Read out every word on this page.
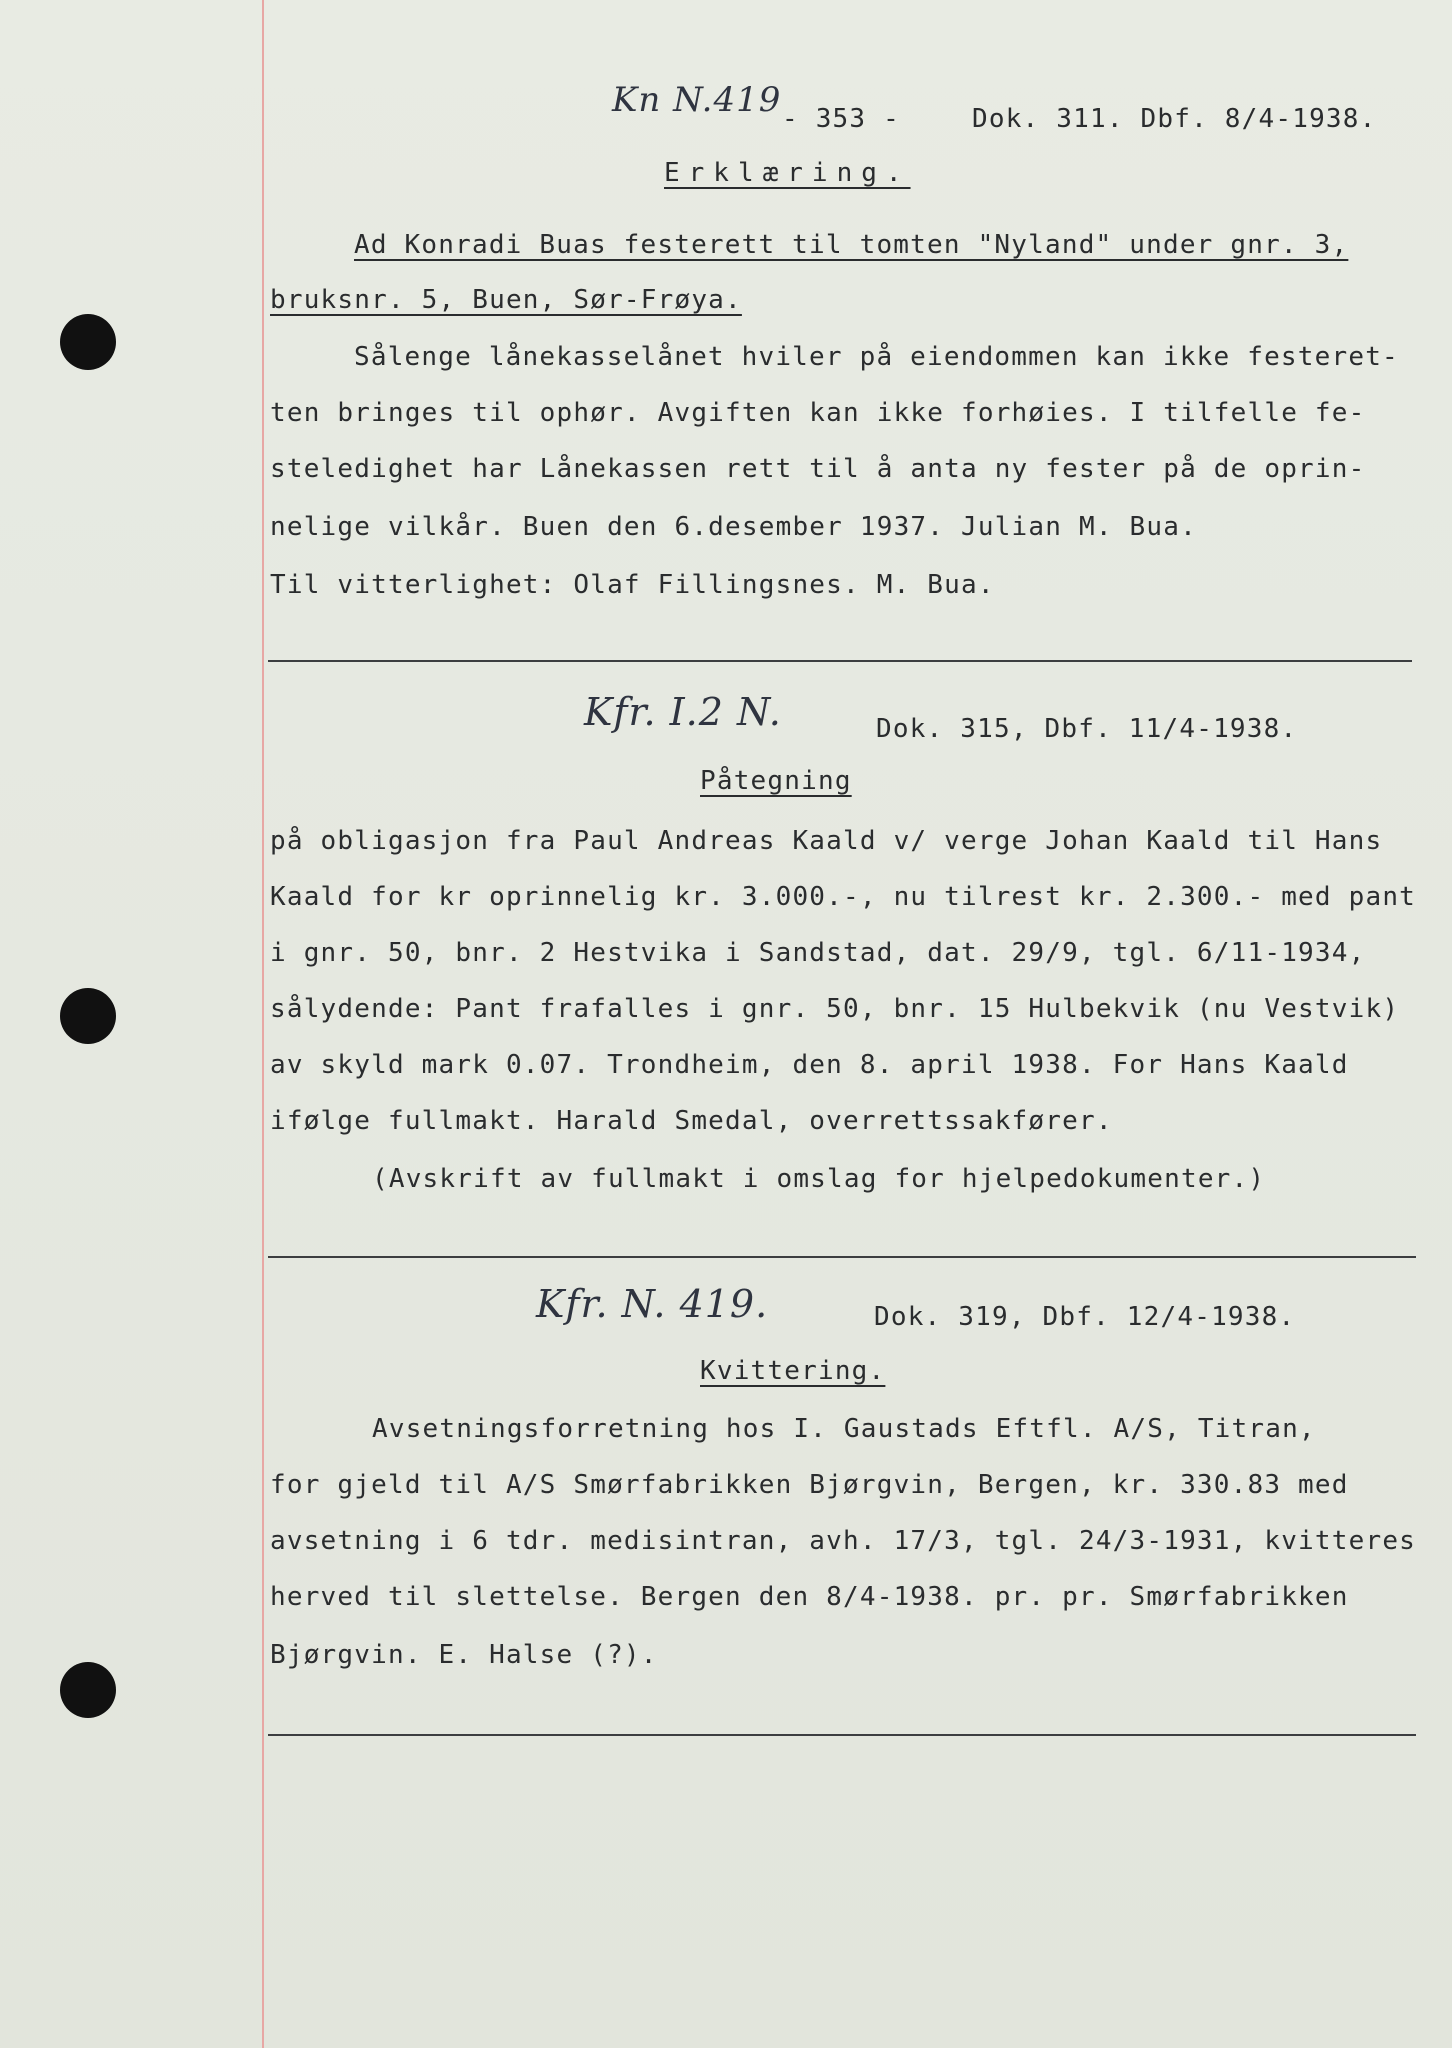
Kn N.419 - 353 -	Dok. 311. Dbf. 8/4-1938.
Erklæring.
Ad Konradi Buas festerett til tomten "Nyland" under gnr. 3,
bruksnr. 5, Buen, Sør-Frøya.
Sålenge lånekasselånet hviler på eiendommen kan ikke festeret-
ten bringes til ophør. Avgiften kan ikke forhøies. I tilfelle fe-
steledighet har Lånekassen rett til å anta ny fester på de oprin-
nelige vilkår. Buen den 6.desember 1937. Julian M. Bua.
Til vitterlighet: Olaf Fillingsnes. M. Bua.
Kfr. I.2 N.	Dok. 315, Dbf. 11/4-1938.
Påtegning
på obligasjon fra Paul Andreas Kaald v/ verge Johan Kaald til Hans
Kaald for kr oprinnelig kr. 3.000.-, nu tilrest kr. 2.300.- med pant
i gnr. 50, bnr. 2 Hestvika i Sandstad, dat. 29/9, tgl. 6/11-1934,
sålydende: Pant frafalles i gnr. 50, bnr. 15 Hulbekvik (nu Vestvik)
av skyld mark 0.07. Trondheim, den 8. april 1938. For Hans Kaald
ifølge fullmakt. Harald Smedal, overrettssakfører.
(Avskrift av fullmakt i omslag for hjelpedokumenter.)
Kfr. N. 419.	Dok. 319, Dbf. 12/4-1938.
Kvittering.
Avsetningsforretning hos I. Gaustads Eftfl. A/S, Titran,
for gjeld til A/S Smørfabrikken Bjørgvin, Bergen, kr. 330.83 med
avsetning i 6 tdr. medisintran, avh. 17/3, tgl. 24/3-1931, kvitteres
herved til slettelse. Bergen den 8/4-1938. pr. pr. Smørfabrikken
Bjørgvin. E. Halse (?).
